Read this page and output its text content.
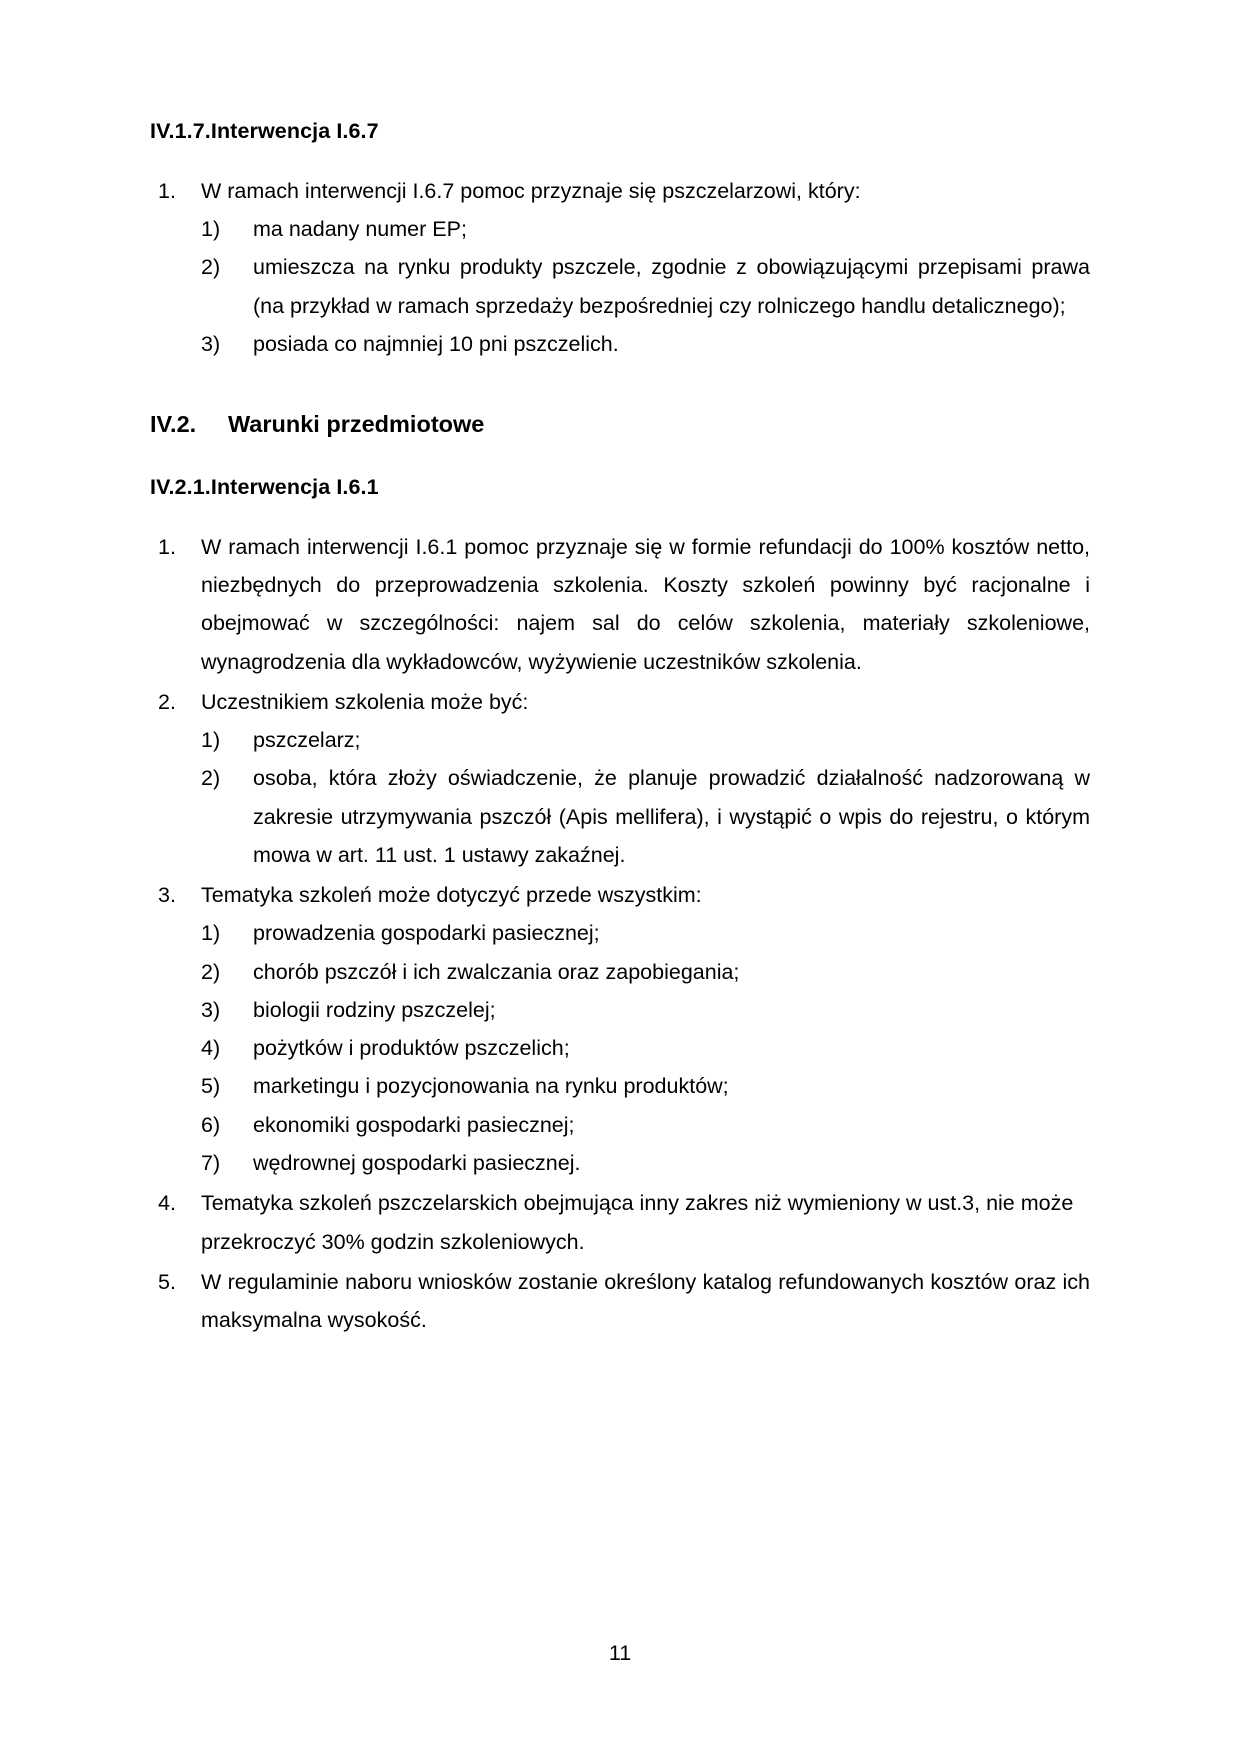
IV.1.7.Interwencja I.6.7
1.	W ramach interwencji I.6.7 pomoc przyznaje się pszczelarzowi, który:
1)	ma nadany numer EP;
2)	umieszcza na rynku produkty pszczele, zgodnie z obowiązującymi przepisami prawa (na przykład w ramach sprzedaży bezpośredniej czy rolniczego handlu detalicznego);
3)	posiada co najmniej 10 pni pszczelich.
IV.2. Warunki przedmiotowe
IV.2.1.Interwencja I.6.1
1.	W ramach interwencji I.6.1 pomoc przyznaje się w formie refundacji do 100% kosztów netto, niezbędnych do przeprowadzenia szkolenia. Koszty szkoleń powinny być racjonalne i obejmować w szczególności: najem sal do celów szkolenia, materiały szkoleniowe, wynagrodzenia dla wykładowców, wyżywienie uczestników szkolenia.
2.	Uczestnikiem szkolenia może być:
1)	pszczelarz;
2)	osoba, która złoży oświadczenie, że planuje prowadzić działalność nadzorowaną w zakresie utrzymywania pszczół (Apis mellifera), i wystąpić o wpis do rejestru, o którym mowa w art. 11 ust. 1 ustawy zakaźnej.
3.	Tematyka szkoleń może dotyczyć przede wszystkim:
1)	prowadzenia gospodarki pasiecznej;
2)	chorób pszczół i ich zwalczania oraz zapobiegania;
3)	biologii rodziny pszczelej;
4)	pożytków i produktów pszczelich;
5)	marketingu i pozycjonowania na rynku produktów;
6)	ekonomiki gospodarki pasiecznej;
7)	wędrownej gospodarki pasiecznej.
4.	Tematyka szkoleń pszczelarskich obejmująca inny zakres niż wymieniony w ust.3, nie może przekroczyć 30% godzin szkoleniowych.
5.	W regulaminie naboru wniosków zostanie określony katalog refundowanych kosztów oraz ich maksymalna wysokość.
11
